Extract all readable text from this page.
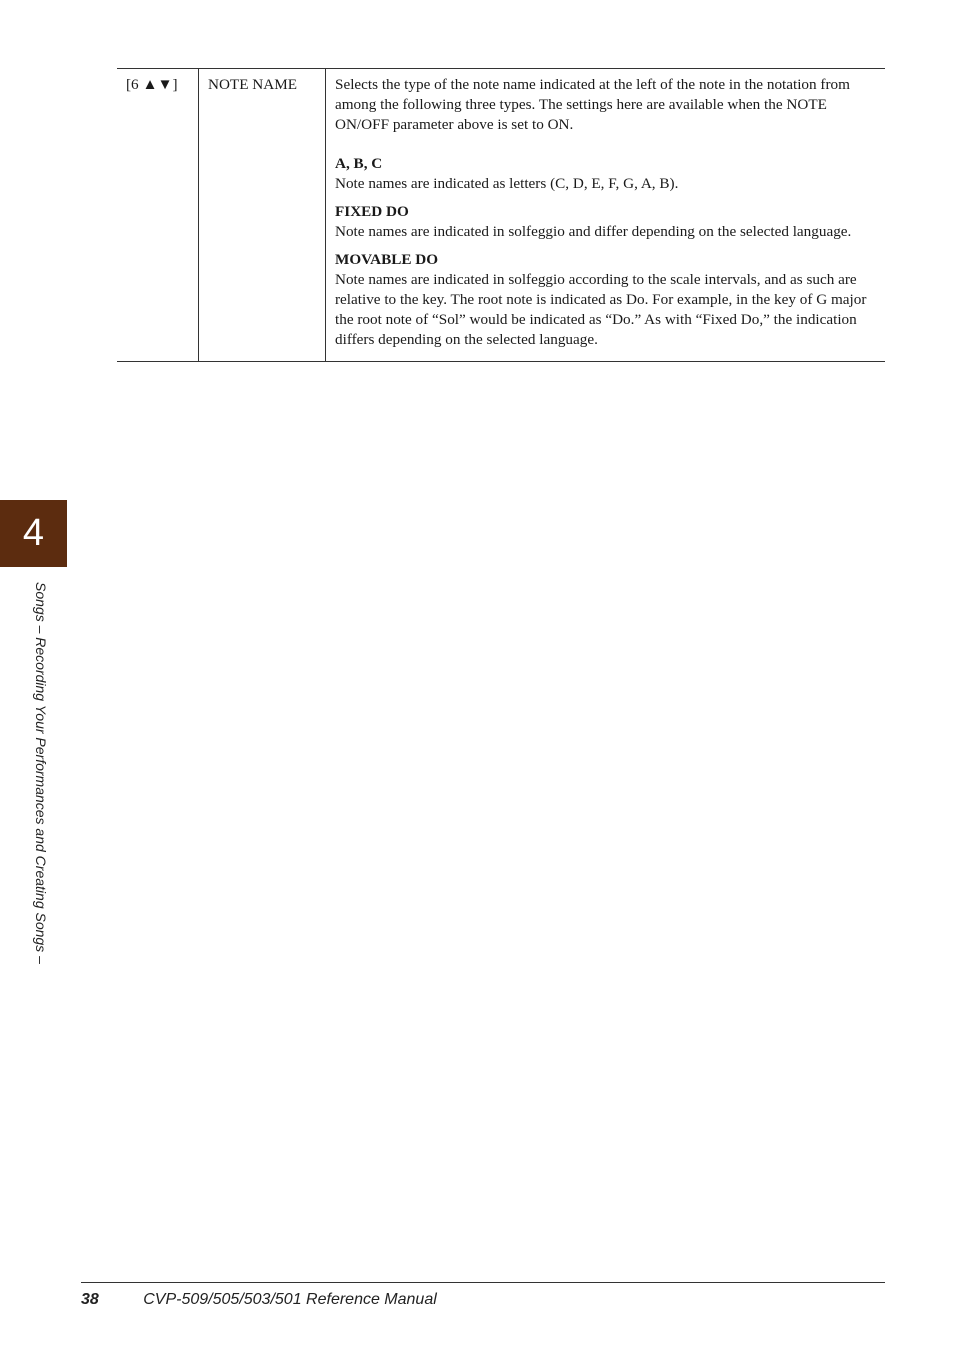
[6 ▲▼]	NOTE NAME	Selects the type of the note name indicated at the left of the note in the notation from among the following three types. The settings here are available when the NOTE ON/OFF parameter above is set to ON.

A, B, C
Note names are indicated as letters (C, D, E, F, G, A, B).
FIXED DO
Note names are indicated in solfeggio and differ depending on the selected language.
MOVABLE DO
Note names are indicated in solfeggio according to the scale intervals, and as such are relative to the key. The root note is indicated as Do. For example, in the key of G major the root note of “Sol” would be indicated as “Do.” As with “Fixed Do,” the indication differs depending on the selected language.
4
Songs – Recording Your Performances and Creating Songs –
38	CVP-509/505/503/501 Reference Manual
